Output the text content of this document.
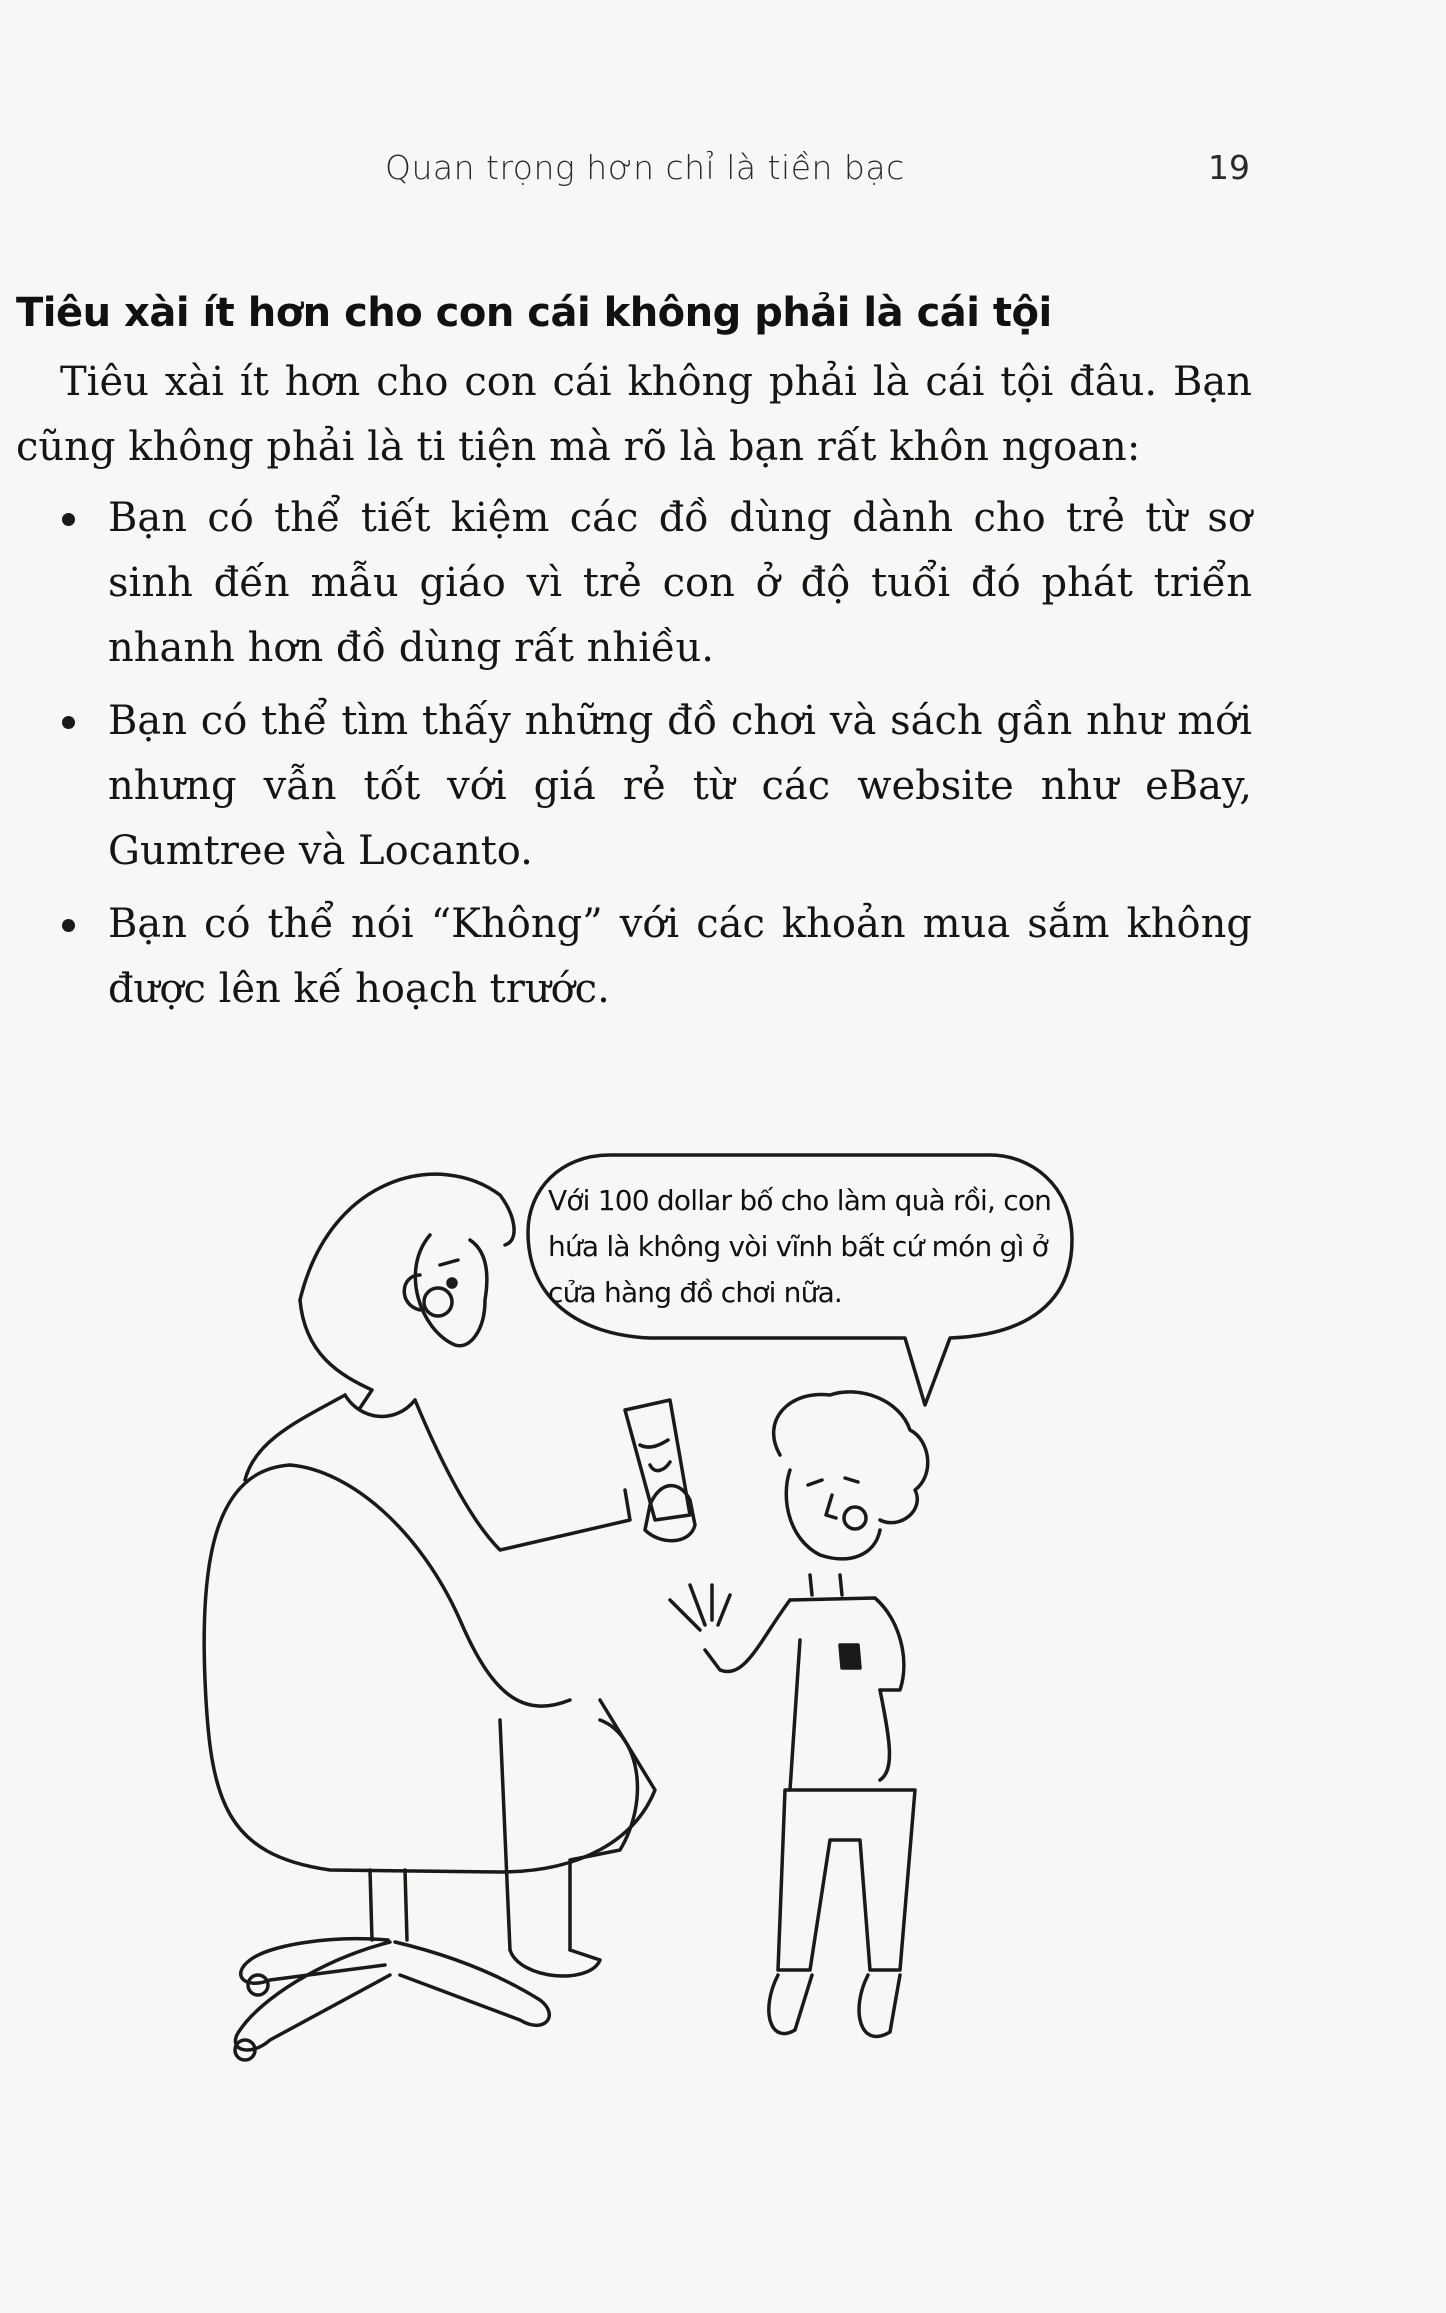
Quan trọng hơn chỉ là tiền bạc	19
Tiêu xài ít hơn cho con cái không phải là cái tội

Tiêu xài ít hơn cho con cái không phải là cái tội đâu. Bạn cũng không phải là ti tiện mà rõ là bạn rất khôn ngoan:

Bạn có thể tiết kiệm các đồ dùng dành cho trẻ từ sơ sinh đến mẫu giáo vì trẻ con ở độ tuổi đó phát triển nhanh hơn đồ dùng rất nhiều.
Bạn có thể tìm thấy những đồ chơi và sách gần như mới nhưng vẫn tốt với giá rẻ từ các website như eBay, Gumtree và Locanto.
Bạn có thể nói “Không” với các khoản mua sắm không được lên kế hoạch trước.
Với 100 dollar bố cho làm quà rồi, con hứa là không vòi vĩnh bất cứ món gì ở cửa hàng đồ chơi nữa.
